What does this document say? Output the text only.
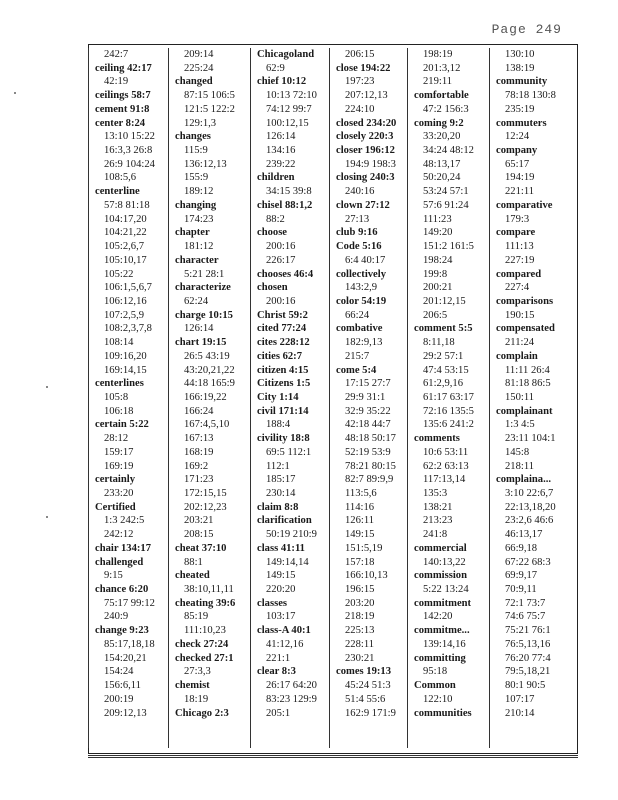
Page 249
242:7
ceiling 42:17
42:19
ceilings 58:7
cement 91:8
center 8:24
13:10 15:22
16:3,3 26:8
26:9 104:24
108:5,6
centerline
57:8 81:18
104:17,20
104:21,22
105:2,6,7
105:10,17
105:22
106:1,5,6,7
106:12,16
107:2,5,9
108:2,3,7,8
108:14
109:16,20
169:14,15
centerlines
105:8
106:18
certain 5:22
28:12
159:17
169:19
certainly
233:20
Certified
1:3 242:5
242:12
chair 134:17
challenged
9:15
chance 6:20
75:17 99:12
240:9
change 9:23
85:17,18,18
154:20,21
154:24
156:6,11
200:19
209:12,13
209:14
225:24
changed
87:15 106:5
121:5 122:2
129:1,3
changes
115:9
136:12,13
155:9
189:12
changing
174:23
chapter
181:12
character
5:21 28:1
characterize
62:24
charge 10:15
126:14
chart 19:15
26:5 43:19
43:20,21,22
44:18 165:9
166:19,22
166:24
167:4,5,10
167:13
168:19
169:2
171:23
172:15,15
202:12,23
203:21
208:15
cheat 37:10
88:1
cheated
38:10,11,11
cheating 39:6
85:19
111:10,23
check 27:24
checked 27:1
27:3,3
chemist
18:19
Chicago 2:3
Chicagoland
62:9
chief 10:12
10:13 72:10
74:12 99:7
100:12,15
126:14
134:16
239:22
children
34:15 39:8
chisel 88:1,2
88:2
choose
200:16
226:17
chooses 46:4
chosen
200:16
Christ 59:2
cited 77:24
cites 228:12
cities 62:7
citizen 4:15
Citizens 1:5
City 1:14
civil 171:14
188:4
civility 18:8
69:5 112:1
112:1
185:17
230:14
claim 8:8
clarification
50:19 210:9
class 41:11
149:14,14
149:15
220:20
classes
103:17
class-A 40:1
41:12,16
221:1
clear 8:3
26:17 64:20
83:23 129:9
205:1
206:15
close 194:22
197:23
207:12,13
224:10
closed 234:20
closely 220:3
closer 196:12
194:9 198:3
closing 240:3
240:16
clown 27:12
27:13
club 9:16
Code 5:16
6:4 40:17
collectively
143:2,9
color 54:19
66:24
combative
182:9,13
215:7
come 5:4
17:15 27:7
29:9 31:1
32:9 35:22
42:18 44:7
48:18 50:17
52:19 53:9
78:21 80:15
82:7 89:9,9
113:5,6
114:16
126:11
149:15
151:5,19
157:18
166:10,13
196:15
203:20
218:19
225:13
228:11
230:21
comes 19:13
45:24 51:3
51:4 55:6
162:9 171:9
198:19
201:3,12
219:11
comfortable
47:2 156:3
coming 9:2
33:20,20
34:24 48:12
48:13,17
50:20,24
53:24 57:1
57:6 91:24
111:23
149:20
151:2 161:5
198:24
199:8
200:21
201:12,15
206:5
comment 5:5
8:11,18
29:2 57:1
47:4 53:15
61:2,9,16
61:17 63:17
72:16 135:5
135:6 241:2
comments
10:6 53:11
62:2 63:13
117:13,14
135:3
138:21
213:23
241:8
commercial
140:13,22
commission
5:22 13:24
commitment
142:20
commitme...
139:14,16
committing
95:18
Common
122:10
communities
130:10
138:19
community
78:18 130:8
235:19
commuters
12:24
company
65:17
194:19
221:11
comparative
179:3
compare
111:13
227:19
compared
227:4
comparisons
190:15
compensated
211:24
complain
11:11 26:4
81:18 86:5
150:11
complainant
1:3 4:5
23:11 104:1
145:8
218:11
complaina...
3:10 22:6,7
22:13,18,20
23:2,6 46:6
46:13,17
66:9,18
67:22 68:3
69:9,17
70:9,11
72:1 73:7
74:6 75:7
75:21 76:1
76:5,13,16
76:20 77:4
79:5,18,21
80:1 90:5
107:17
210:14
